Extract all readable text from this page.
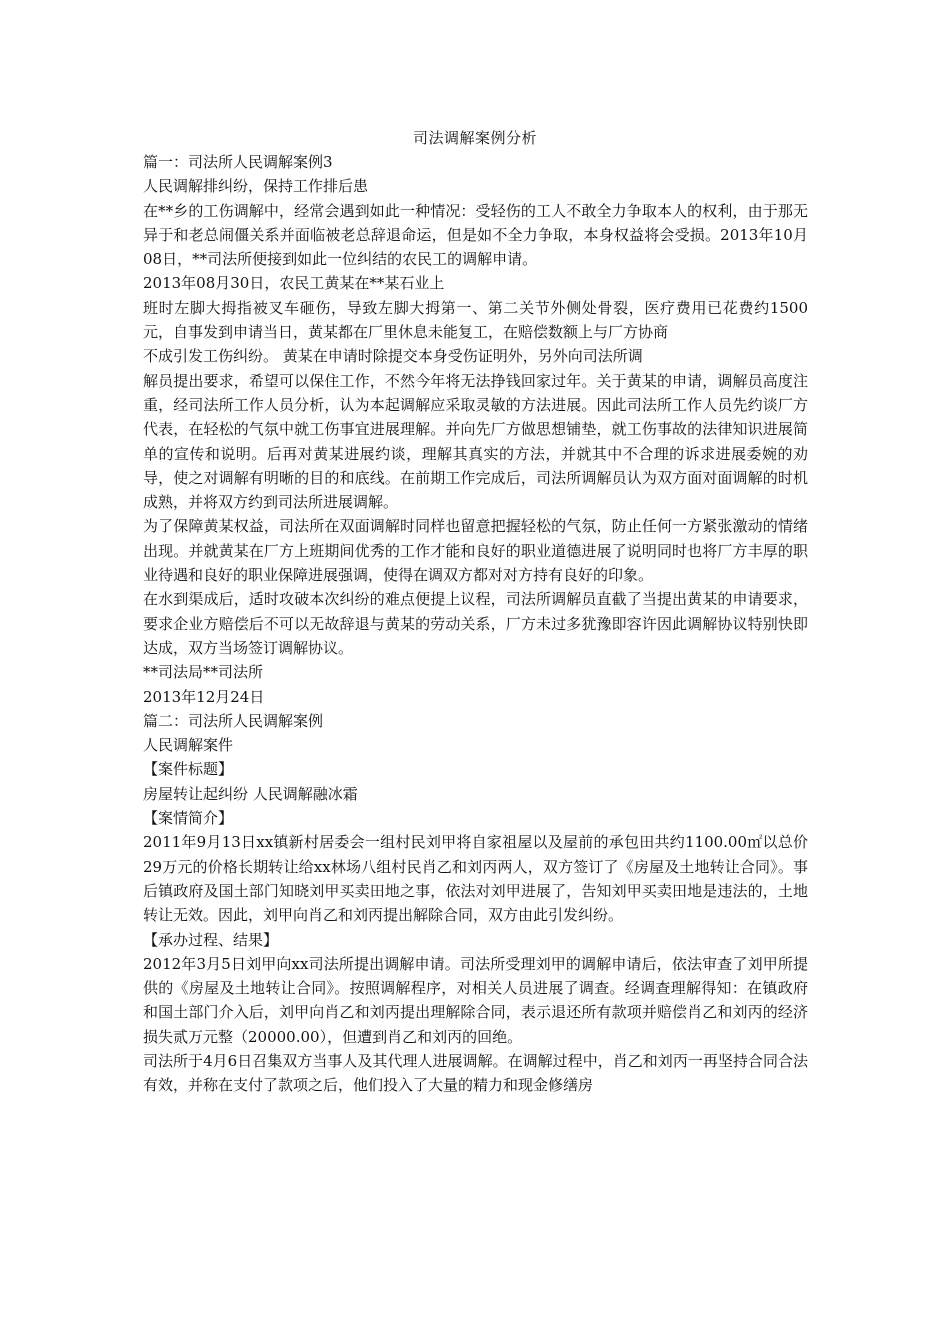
司法调解案例分析

篇一：司法所人民调解案例3

人民调解排纠纷，保持工作排后患

在**乡的工伤调解中，经常会遇到如此一种情况：受轻伤的工人不敢全力争取本人的权利，由于那无异于和老总闹僵关系并面临被老总辞退命运，但是如不全力争取，本身权益将会受损。2013年10月08日，**司法所便接到如此一位纠结的农民工的调解申请。

2013年08月30日，农民工黄某在**某石业上

班时左脚大拇指被叉车砸伤，导致左脚大拇第一、第二关节外侧处骨裂，医疗费用已花费约1500元，自事发到申请当日，黄某都在厂里休息未能复工，在赔偿数额上与厂方协商

不成引发工伤纠纷。 黄某在申请时除提交本身受伤证明外，另外向司法所调

解员提出要求，希望可以保住工作，不然今年将无法挣钱回家过年。关于黄某的申请，调解员高度注重，经司法所工作人员分析，认为本起调解应采取灵敏的方法进展。因此司法所工作人员先约谈厂方代表，在轻松的气氛中就工伤事宜进展理解。并向先厂方做思想铺垫，就工伤事故的法律知识进展简单的宣传和说明。后再对黄某进展约谈，理解其真实的方法，并就其中不合理的诉求进展委婉的劝导，使之对调解有明晰的目的和底线。在前期工作完成后，司法所调解员认为双方面对面调解的时机成熟，并将双方约到司法所进展调解。

为了保障黄某权益，司法所在双面调解时同样也留意把握轻松的气氛，防止任何一方紧张激动的情绪出现。并就黄某在厂方上班期间优秀的工作才能和良好的职业道德进展了说明同时也将厂方丰厚的职业待遇和良好的职业保障进展强调，使得在调双方都对对方持有良好的印象。

在水到渠成后，适时攻破本次纠纷的难点便提上议程，司法所调解员直截了当提出黄某的申请要求，要求企业方赔偿后不可以无故辞退与黄某的劳动关系，厂方未过多犹豫即容许因此调解协议特别快即达成，双方当场签订调解协议。

**司法局**司法所

2013年12月24日

篇二：司法所人民调解案例

人民调解案件

【案件标题】

房屋转让起纠纷 人民调解融冰霜

【案情简介】

2011年9月13日xx镇新村居委会一组村民刘甲将自家祖屋以及屋前的承包田共约1100.00㎡以总价29万元的价格长期转让给xx林场八组村民肖乙和刘丙两人，双方签订了《房屋及土地转让合同》。事后镇政府及国土部门知晓刘甲买卖田地之事，依法对刘甲进展了，告知刘甲买卖田地是违法的，土地转让无效。因此，刘甲向肖乙和刘丙提出解除合同，双方由此引发纠纷。

【承办过程、结果】

2012年3月5日刘甲向xx司法所提出调解申请。司法所受理刘甲的调解申请后，依法审查了刘甲所提供的《房屋及土地转让合同》。按照调解程序，对相关人员进展了调查。经调查理解得知：在镇政府和国土部门介入后，刘甲向肖乙和刘丙提出理解除合同，表示退还所有款项并赔偿肖乙和刘丙的经济损失贰万元整（20000.00），但遭到肖乙和刘丙的回绝。

司法所于4月6日召集双方当事人及其代理人进展调解。在调解过程中，肖乙和刘丙一再坚持合同合法有效，并称在支付了款项之后，他们投入了大量的精力和现金修缮房
